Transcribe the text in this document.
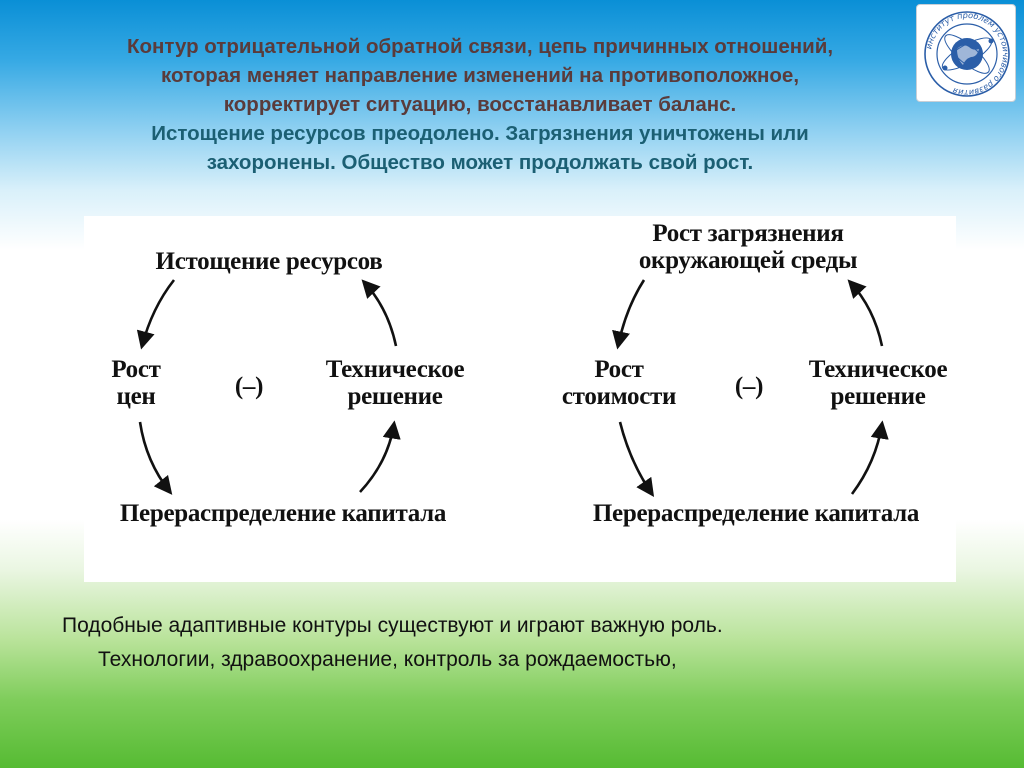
Контур отрицательной обратной связи, цепь причинных отношений,
которая меняет направление изменений на противоположное,
корректирует ситуацию, восстанавливает баланс.
Истощение ресурсов преодолено. Загрязнения уничтожены или
захоронены. Общество может продолжать свой рост.
институт проблем устойчивого развития
Истощение ресурсов
Рост
цен	(–)
Техническое
решение
Перераспределение капитала
Рост загрязнения
окружающей среды
Рост
стоимости	(–)
Техническое
решение
Перераспределение капитала
Подобные адаптивные контуры существуют и играют важную роль.
Технологии, здравоохранение, контроль за рождаемостью,
